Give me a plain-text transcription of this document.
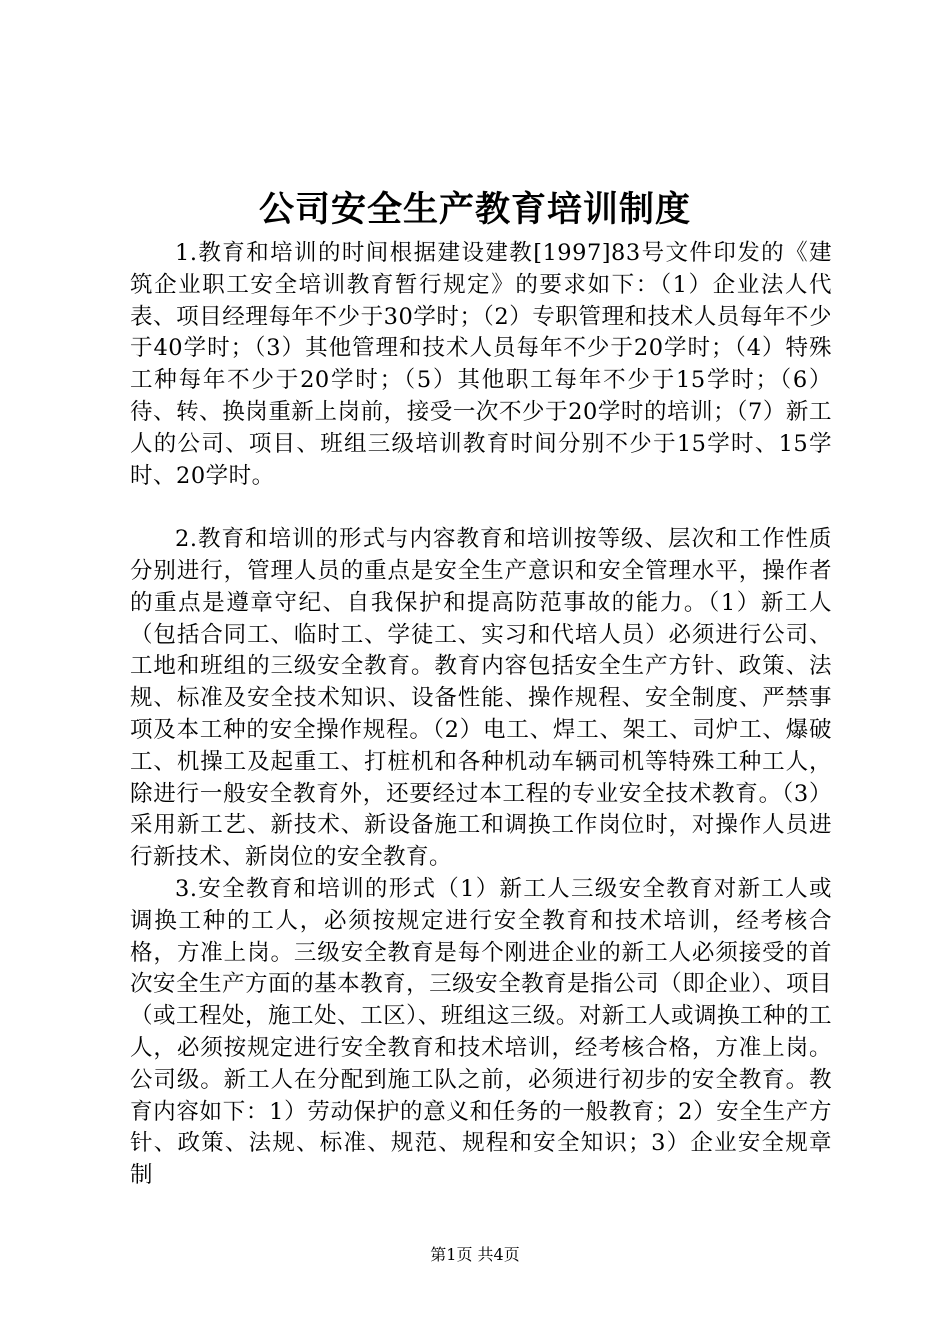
公司安全生产教育培训制度

1.教育和培训的时间根据建设建教[1997]83号文件印发的《建筑企业职工安全培训教育暂行规定》的要求如下：（1）企业法人代表、项目经理每年不少于30学时；（2）专职管理和技术人员每年不少于40学时；（3）其他管理和技术人员每年不少于20学时；（4）特殊工种每年不少于20学时；（5）其他职工每年不少于15学时；（6）待、转、换岗重新上岗前，接受一次不少于20学时的培训；（7）新工人的公司、项目、班组三级培训教育时间分别不少于15学时、15学时、20学时。

2.教育和培训的形式与内容教育和培训按等级、层次和工作性质分别进行，管理人员的重点是安全生产意识和安全管理水平，操作者的重点是遵章守纪、自我保护和提高防范事故的能力。（1）新工人（包括合同工、临时工、学徒工、实习和代培人员）必须进行公司、工地和班组的三级安全教育。教育内容包括安全生产方针、政策、法规、标准及安全技术知识、设备性能、操作规程、安全制度、严禁事项及本工种的安全操作规程。（2）电工、焊工、架工、司炉工、爆破工、机操工及起重工、打桩机和各种机动车辆司机等特殊工种工人，除进行一般安全教育外，还要经过本工程的专业安全技术教育。（3）采用新工艺、新技术、新设备施工和调换工作岗位时，对操作人员进行新技术、新岗位的安全教育。

3.安全教育和培训的形式（1）新工人三级安全教育对新工人或调换工种的工人，必须按规定进行安全教育和技术培训，经考核合格，方准上岗。三级安全教育是每个刚进企业的新工人必须接受的首次安全生产方面的基本教育，三级安全教育是指公司（即企业）、项目（或工程处，施工处、工区）、班组这三级。对新工人或调换工种的工人，必须按规定进行安全教育和技术培训，经考核合格，方准上岗。公司级。新工人在分配到施工队之前，必须进行初步的安全教育。教育内容如下：1）劳动保护的意义和任务的一般教育；2）安全生产方针、政策、法规、标准、规范、规程和安全知识；3）企业安全规章制

第1页 共4页
